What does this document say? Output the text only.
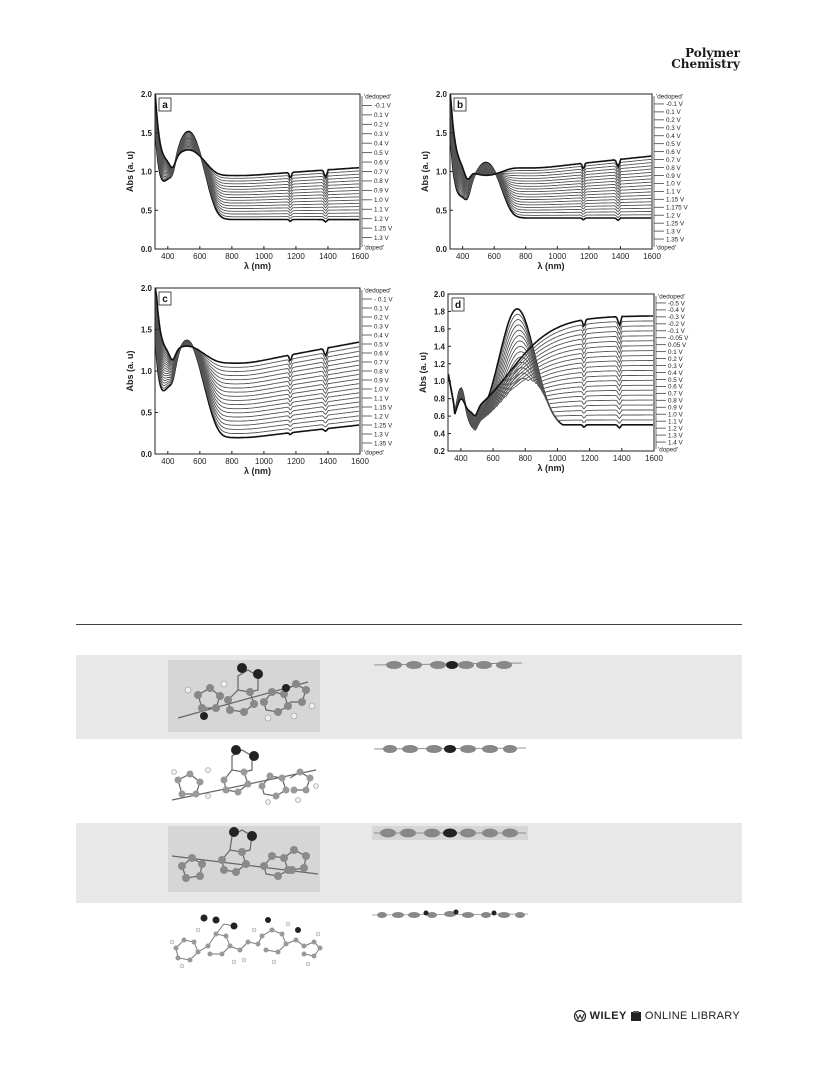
Polymer
Chemistry
400 600 800 1000 1200 1400 1600
0.0
0.5
1.0
1.5
2.0
λ (nm)
Abs (a. u)
a
'dedoped'
-0.1 V
0.1 V
0.2 V
0.3 V
0.4 V
0.5 V
0.6 V
0.7 V
0.8 V
0.9 V
1.0 V
1.1 V
1.2 V
1.25 V
1.3 V
'doped'
400 600 800 1000 1200 1400 1600
0.0
0.5
1.0
1.5
2.0
λ (nm)
Abs (a. u)
b
'dedoped'
-0.1 V
0.1 V
0.2 V
0.3 V
0.4 V
0.5 V
0.6 V
0.7 V
0.8 V
0.9 V
1.0 V
1.1 V
1.15 V
1.175 V
1.2 V
1.25 V
1.3 V
1.35 V
'doped'
400 600 800 1000 1200 1400 1600
0.0
0.5
1.0
1.5
2.0
λ (nm)
Abs (a. u)
c
'dedoped'
- 0.1 V
0.1 V
0.2 V
0.3 V
0.4 V
0.5 V
0.6 V
0.7 V
0.8 V
0.9 V
1.0 V
1.1 V
1.15 V
1.2 V
1.25 V
1.3 V
1.35 V
'doped'
400 600 800 1000 1200 1400 1600
0.2
0.4
0.6
0.8
1.0
1.2
1.4
1.6
1.8
2.0
λ (nm)
Abs (a. u)
d
'dedoped'
-0.5 V
-0.4 V
-0.3 V
-0.2 V
-0.1 V
-0.05 V
0.05 V
0.1 V
0.2 V
0.3 V
0.4 V
0.5 V
0.6 V
0.7 V
0.8 V
0.9 V
1.0 V
1.1 V
1.2 V
1.3 V
1.4 V
'doped'
WILEY ONLINE LIBRARY
